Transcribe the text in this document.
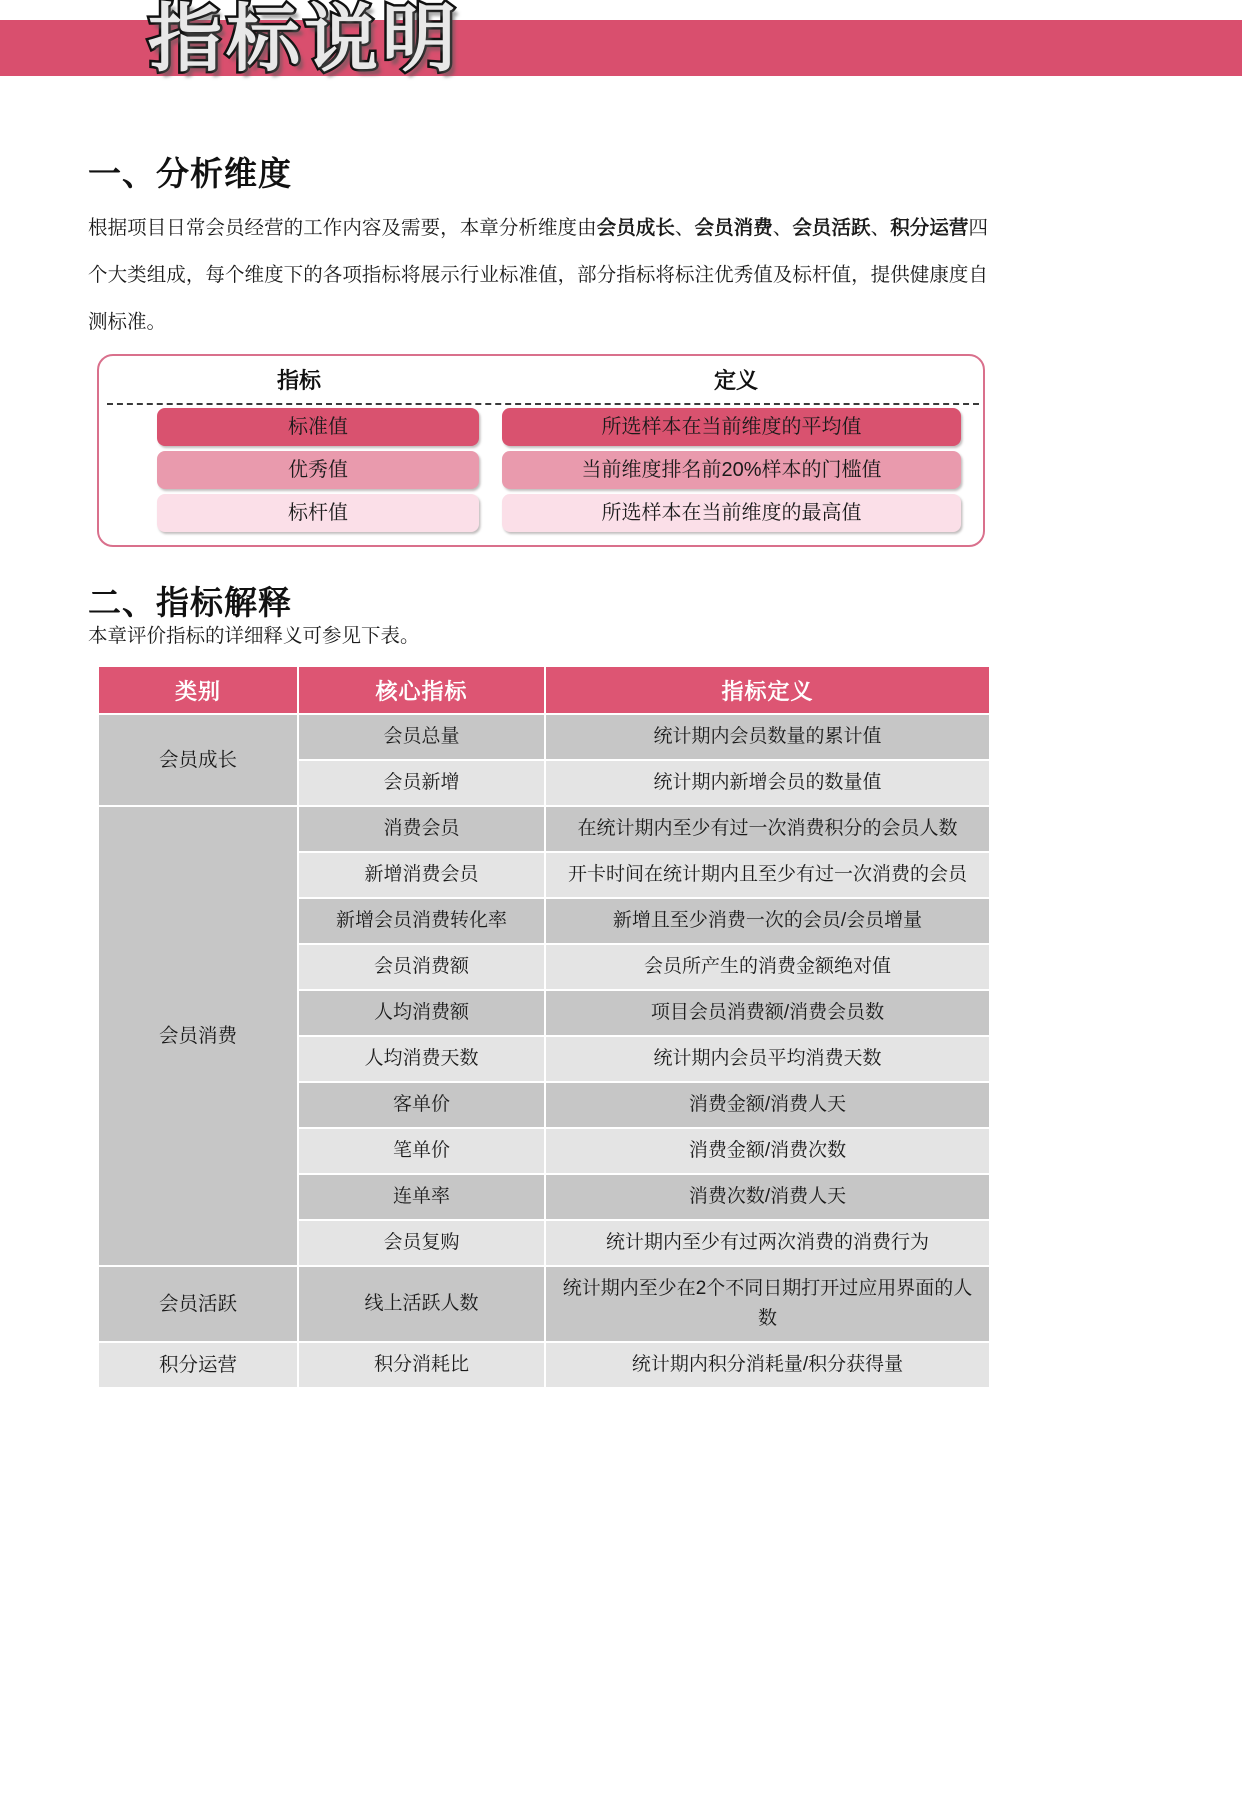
指标说明
一、分析维度
根据项目日常会员经营的工作内容及需要，本章分析维度由会员成长、会员消费、会员活跃、积分运营四个大类组成，每个维度下的各项指标将展示行业标准值，部分指标将标注优秀值及标杆值，提供健康度自测标准。
指标	定义
标准值	所选样本在当前维度的平均值
优秀值	当前维度排名前20%样本的门槛值
标杆值	所选样本在当前维度的最高值
二、指标解释
本章评价指标的详细释义可参见下表。
类别	核心指标	指标定义
会员成长	会员总量	统计期内会员数量的累计值
	会员新增	统计期内新增会员的数量值
会员消费	消费会员	在统计期内至少有过一次消费积分的会员人数
	新增消费会员	开卡时间在统计期内且至少有过一次消费的会员
	新增会员消费转化率	新增且至少消费一次的会员/会员增量
	会员消费额	会员所产生的消费金额绝对值
	人均消费额	项目会员消费额/消费会员数
	人均消费天数	统计期内会员平均消费天数
	客单价	消费金额/消费人天
	笔单价	消费金额/消费次数
	连单率	消费次数/消费人天
	会员复购	统计期内至少有过两次消费的消费行为
会员活跃	线上活跃人数	统计期内至少在2个不同日期打开过应用界面的人数
积分运营	积分消耗比	统计期内积分消耗量/积分获得量
